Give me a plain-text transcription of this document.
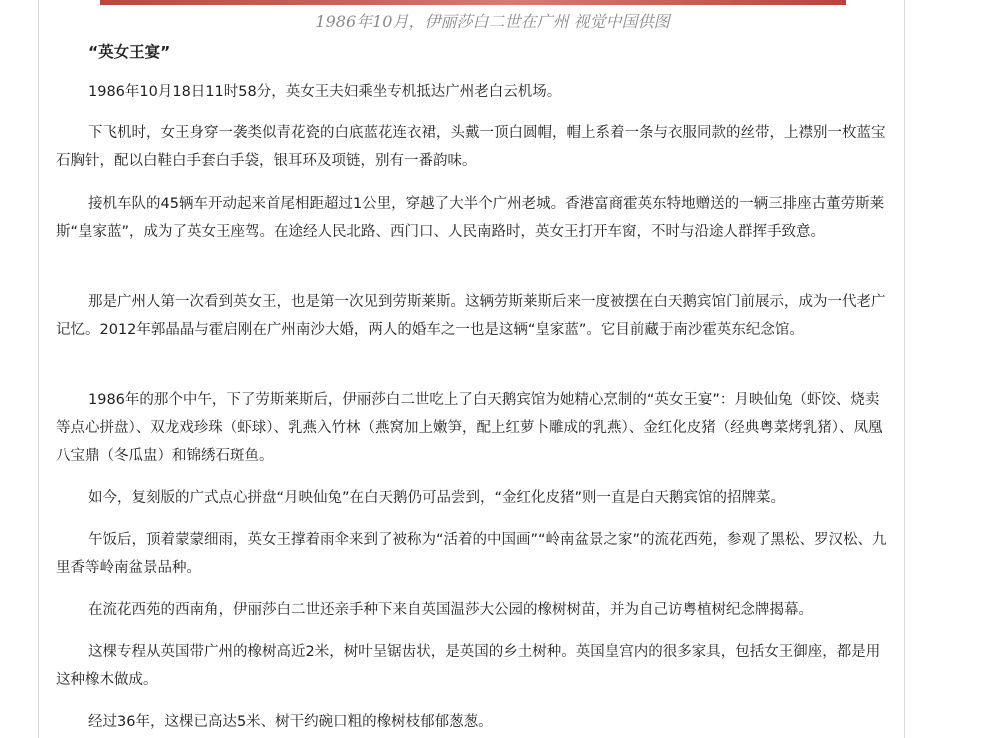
1986年10月，伊丽莎白二世在广州 视觉中国供图
“英女王宴”

1986年10月18日11时58分，英女王夫妇乘坐专机抵达广州老白云机场。

下飞机时，女王身穿一袭类似青花瓷的白底蓝花连衣裙，头戴一顶白圆帽，帽上系着一条与衣服同款的丝带，上襟别一枚蓝宝石胸针，配以白鞋白手套白手袋，银耳环及项链，别有一番韵味。

接机车队的45辆车开动起来首尾相距超过1公里，穿越了大半个广州老城。香港富商霍英东特地赠送的一辆三排座古董劳斯莱斯“皇家蓝”，成为了英女王座驾。在途经人民北路、西门口、人民南路时，英女王打开车窗，不时与沿途人群挥手致意。

那是广州人第一次看到英女王，也是第一次见到劳斯莱斯。这辆劳斯莱斯后来一度被摆在白天鹅宾馆门前展示，成为一代老广记忆。2012年郭晶晶与霍启刚在广州南沙大婚，两人的婚车之一也是这辆“皇家蓝”。它目前藏于南沙霍英东纪念馆。

1986年的那个中午，下了劳斯莱斯后，伊丽莎白二世吃上了白天鹅宾馆为她精心烹制的“英女王宴”：月映仙兔（虾饺、烧卖等点心拼盘）、双龙戏珍珠（虾球）、乳燕入竹林（燕窝加上嫩笋，配上红萝卜雕成的乳燕）、金红化皮猪（经典粤菜烤乳猪）、凤凰八宝鼎（冬瓜盅）和锦绣石斑鱼。

如今，复刻版的广式点心拼盘“月映仙兔”在白天鹅仍可品尝到，“金红化皮猪”则一直是白天鹅宾馆的招牌菜。

午饭后，顶着蒙蒙细雨，英女王撑着雨伞来到了被称为“活着的中国画”“岭南盆景之家”的流花西苑，参观了黑松、罗汉松、九里香等岭南盆景品种。

在流花西苑的西南角，伊丽莎白二世还亲手种下来自英国温莎大公园的橡树树苗，并为自己访粤植树纪念牌揭幕。

这棵专程从英国带广州的橡树高近2米，树叶呈锯齿状，是英国的乡土树种。英国皇宫内的很多家具，包括女王御座，都是用这种橡木做成。

经过36年，这棵已高达5米、树干约碗口粗的橡树枝郁郁葱葱。
